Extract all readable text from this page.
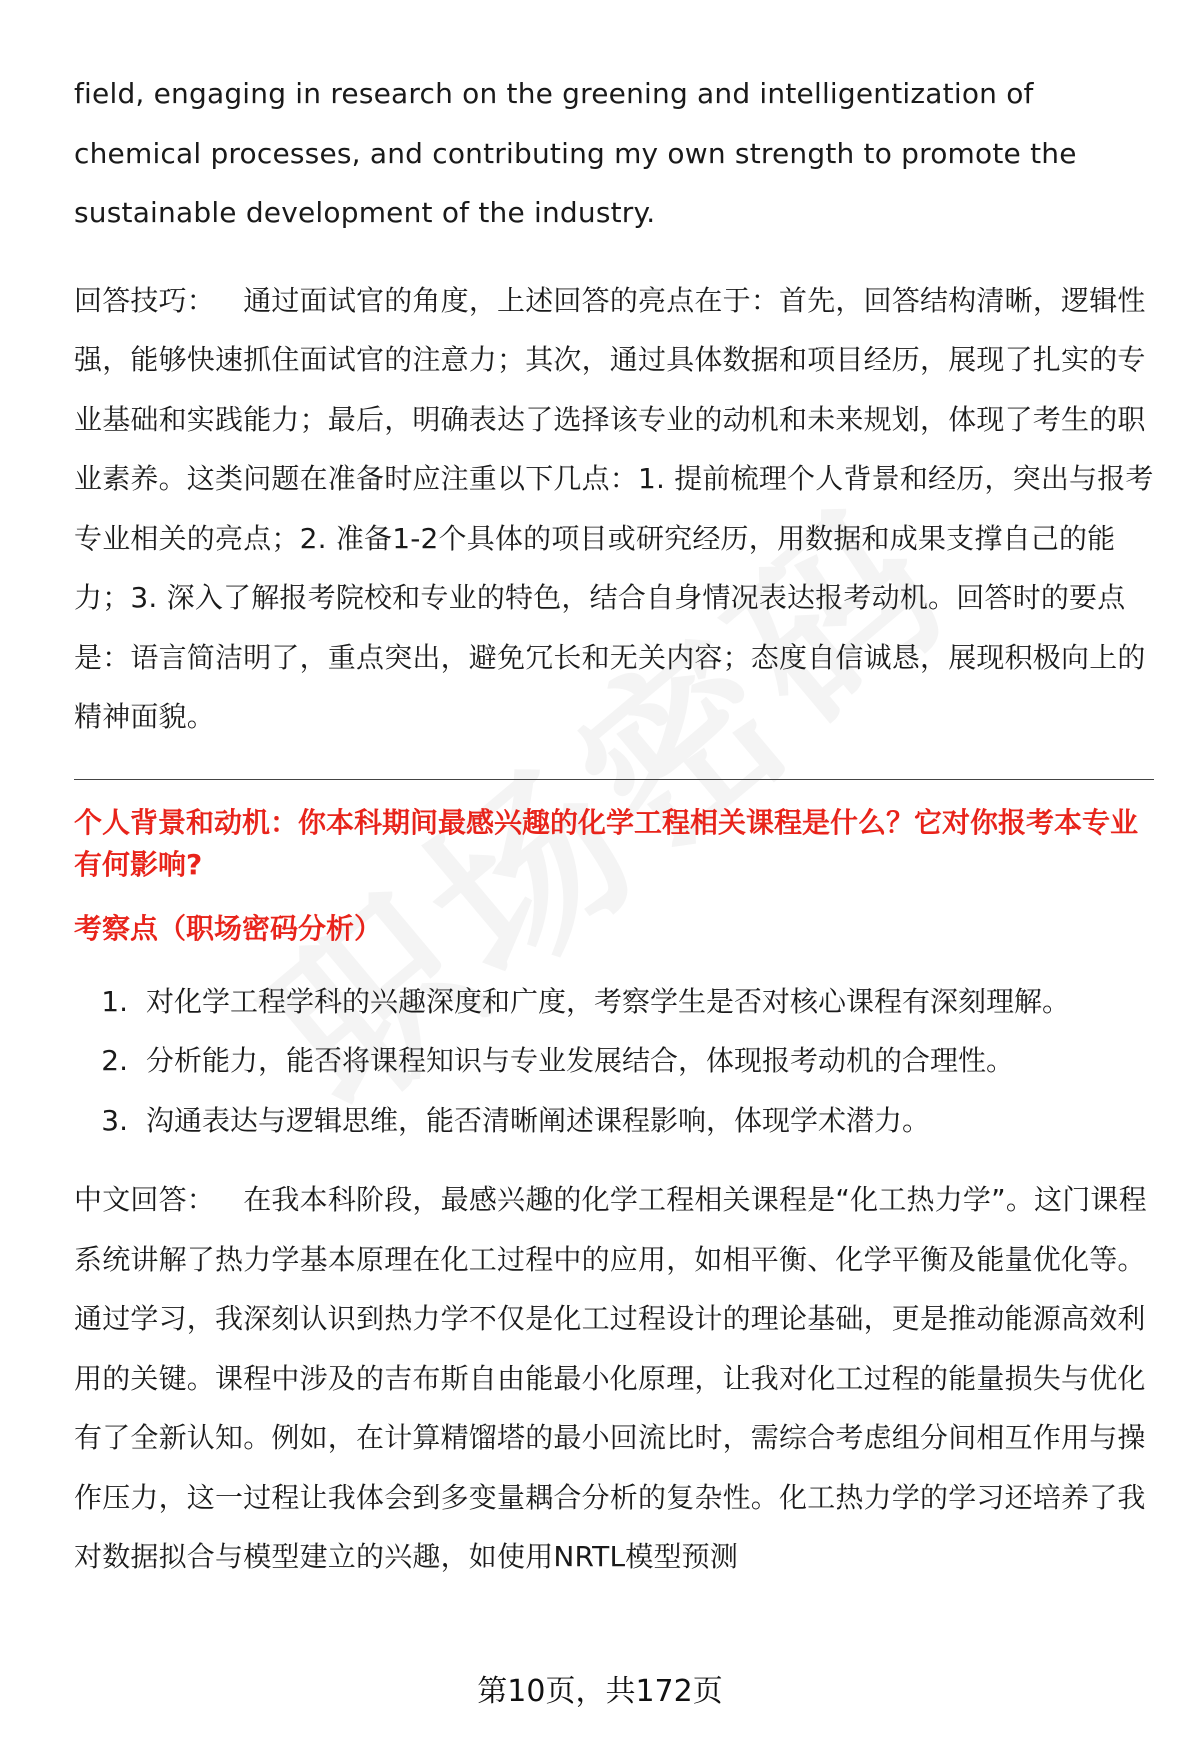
field, engaging in research on the greening and intelligentization of chemical processes, and contributing my own strength to promote the sustainable development of the industry.

回答技巧：  通过面试官的角度，上述回答的亮点在于：首先，回答结构清晰，逻辑性强，能够快速抓住面试官的注意力；其次，通过具体数据和项目经历，展现了扎实的专业基础和实践能力；最后，明确表达了选择该专业的动机和未来规划，体现了考生的职业素养。这类问题在准备时应注重以下几点：1. 提前梳理个人背景和经历，突出与报考专业相关的亮点；2. 准备1-2个具体的项目或研究经历，用数据和成果支撑自己的能力；3. 深入了解报考院校和专业的特色，结合自身情况表达报考动机。回答时的要点是：语言简洁明了，重点突出，避免冗长和无关内容；态度自信诚恳，展现积极向上的精神面貌。

个人背景和动机：你本科期间最感兴趣的化学工程相关课程是什么？它对你报考本专业有何影响?

考察点（职场密码分析）

1. 对化学工程学科的兴趣深度和广度，考察学生是否对核心课程有深刻理解。
2. 分析能力，能否将课程知识与专业发展结合，体现报考动机的合理性。
3. 沟通表达与逻辑思维，能否清晰阐述课程影响，体现学术潜力。

中文回答：  在我本科阶段，最感兴趣的化学工程相关课程是“化工热力学”。这门课程系统讲解了热力学基本原理在化工过程中的应用，如相平衡、化学平衡及能量优化等。通过学习，我深刻认识到热力学不仅是化工过程设计的理论基础，更是推动能源高效利用的关键。课程中涉及的吉布斯自由能最小化原理，让我对化工过程的能量损失与优化有了全新认知。例如，在计算精馏塔的最小回流比时，需综合考虑组分间相互作用与操作压力，这一过程让我体会到多变量耦合分析的复杂性。化工热力学的学习还培养了我对数据拟合与模型建立的兴趣，如使用NRTL模型预测

第10页，共172页
